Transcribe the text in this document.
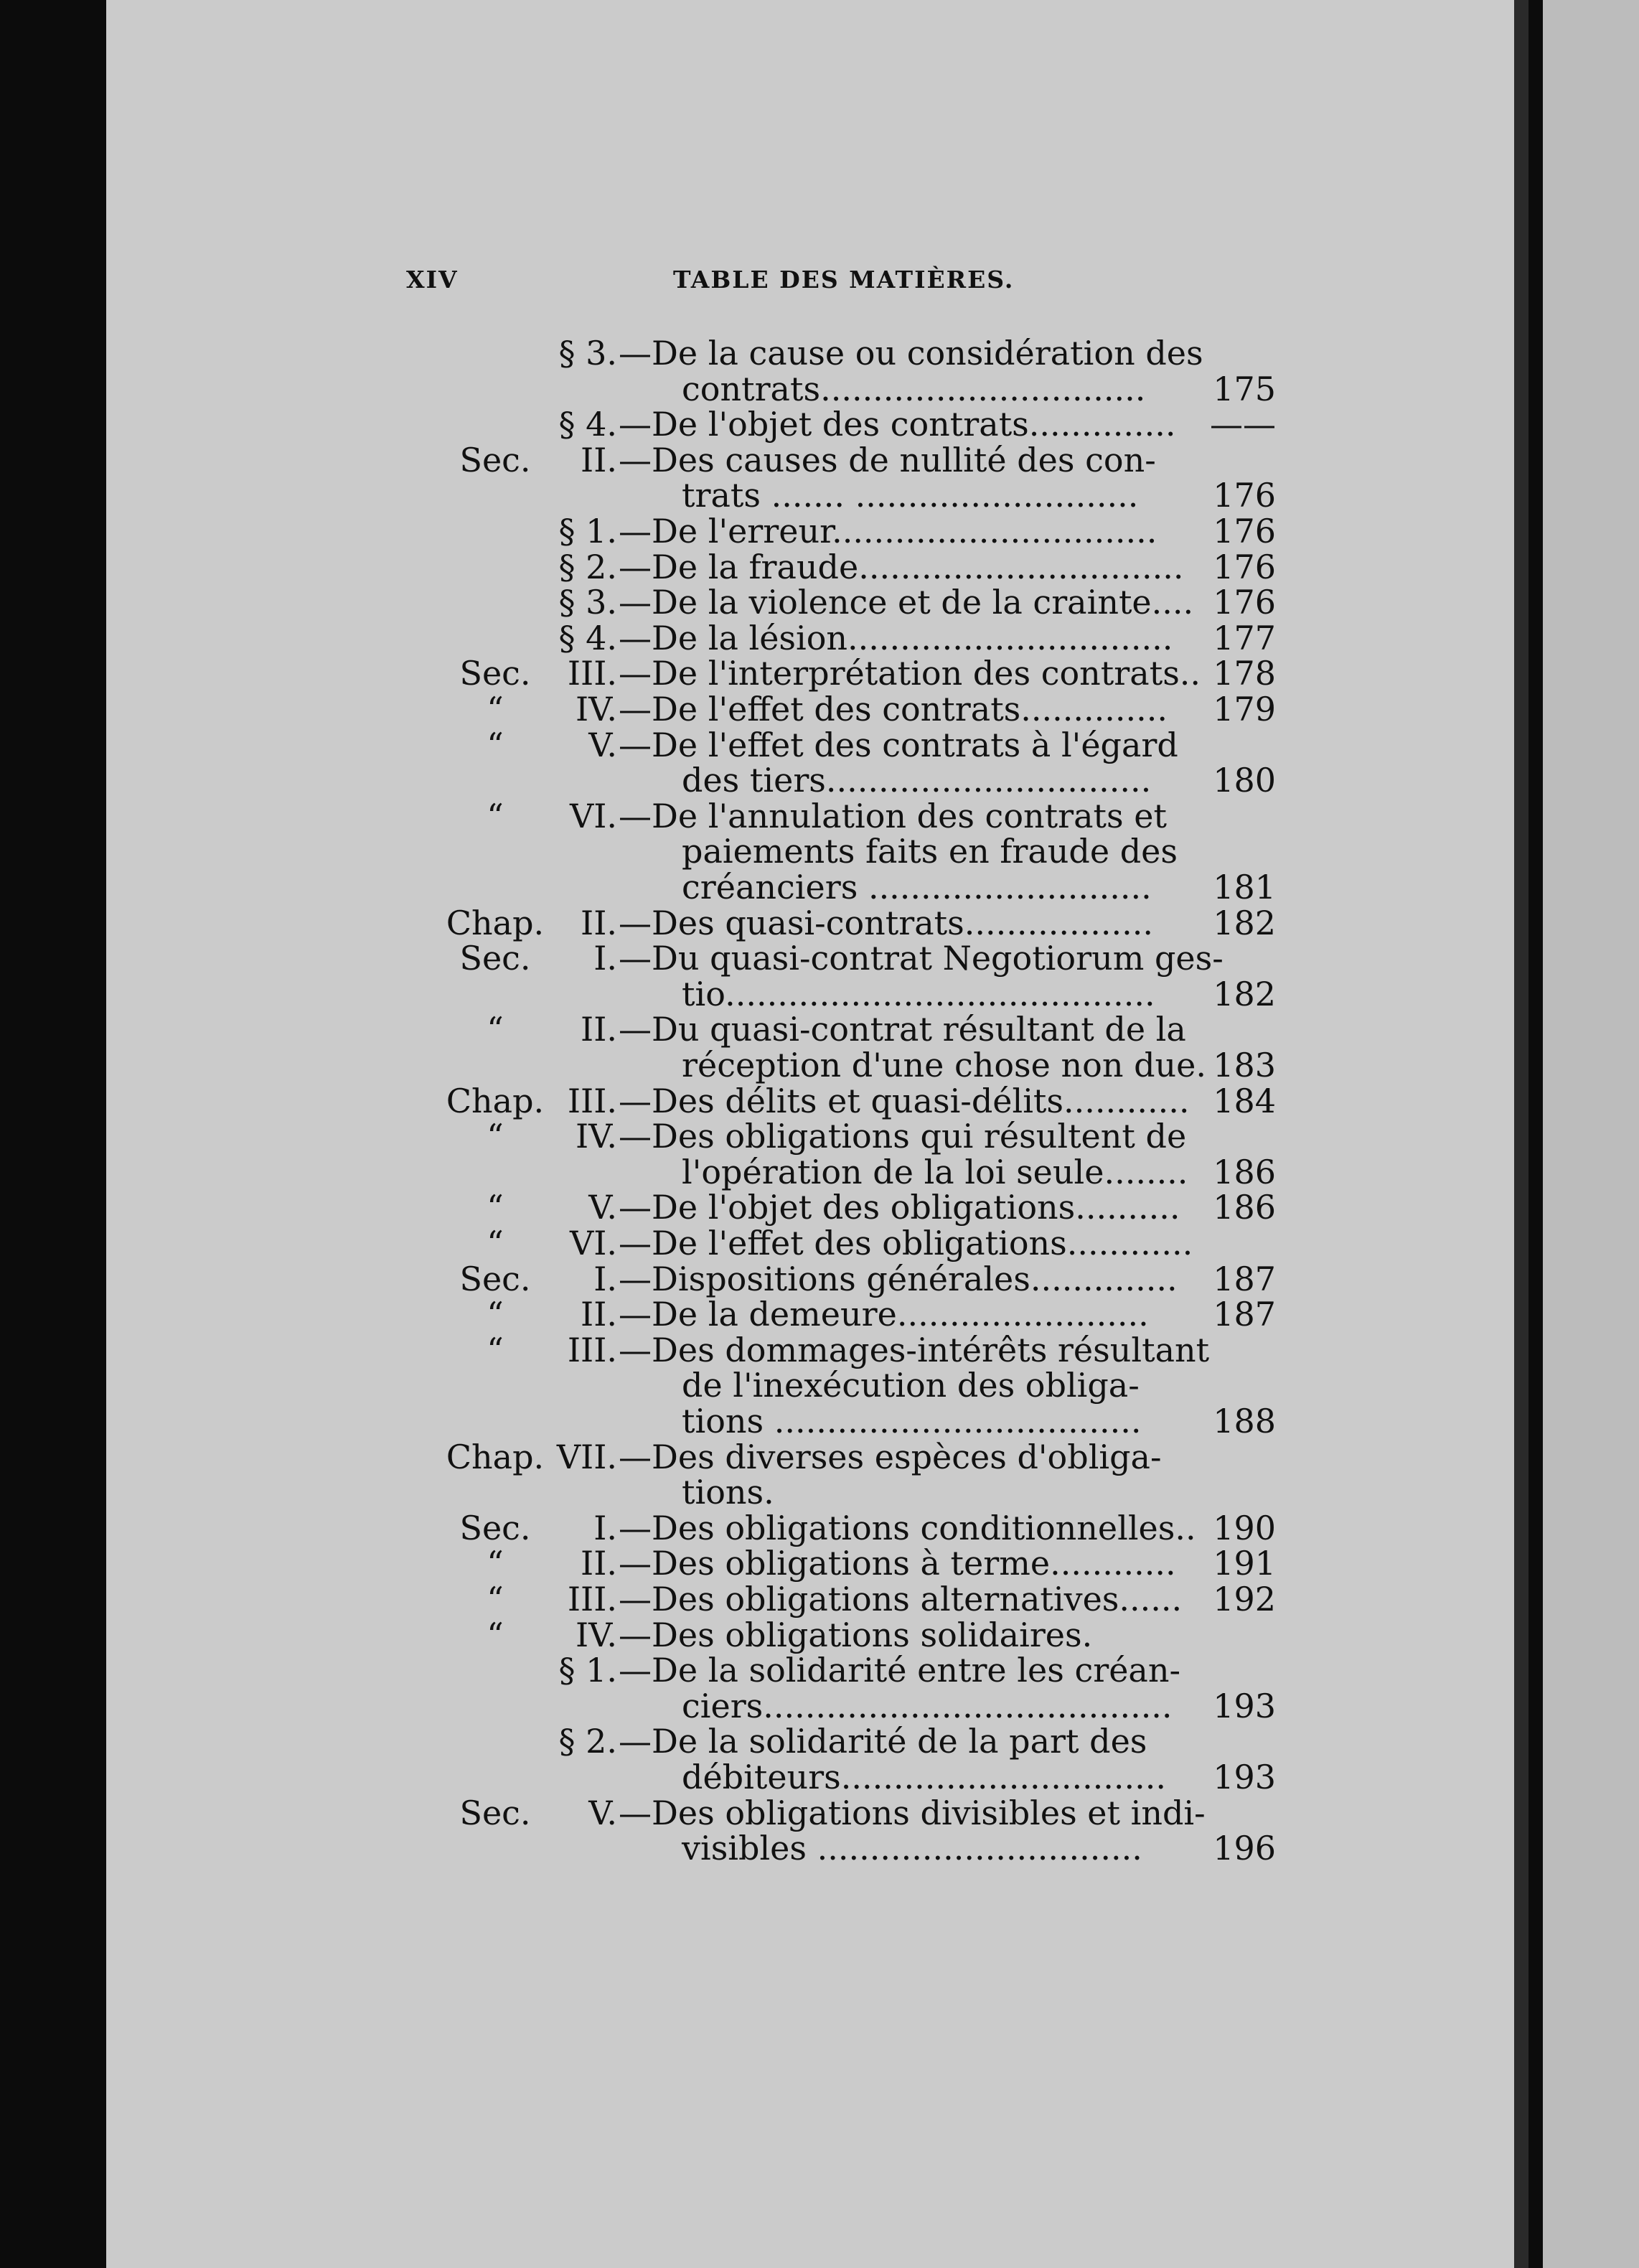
XIV	TABLE DES MATIÈRES.
§ 3. —De la cause ou considération des
contrats...............................	175
§ 4. —De l'objet des contrats..............	——
Sec.	II. —Des causes de nullité des con-
trats ....... ...........................	176
§ 1. —De l'erreur...............................	176
§ 2. —De la fraude............................... 176
§ 3. —De la violence et de la crainte.... 176
§ 4. —De la lésion...............................	177
Sec.	III. —De l'interprétation des contrats.. 178
“	IV. —De l'effet des contrats..............	179
“	V. —De l'effet des contrats à l'égard
des tiers...............................	180
“	VI. —De l'annulation des contrats et
paiements faits en fraude des
créanciers ...........................	181
Chap.	II. —Des quasi-contrats..................	182
Sec.	I. —Du quasi-contrat Negotiorum ges-
tio.........................................	182
“	II. —Du quasi-contrat résultant de la
réception d'une chose non due. 183
Chap. III. —Des délits et quasi-délits............ 184
“	IV. —Des obligations qui résultent de
l'opération de la loi seule........ 186
“	V. —De l'objet des obligations.......... 186
“	VI. —De l'effet des obligations............
Sec.	I. —Dispositions générales..............	187
“	II. —De la demeure........................	187
“	III. —Des dommages-intérêts résultant
de l'inexécution des obliga-
tions ...................................	188
Chap. VII. —Des diverses espèces d'obliga-
tions.
Sec.	I. —Des obligations conditionnelles.. 190
“	II. —Des obligations à terme............	191
“	III. —Des obligations alternatives...... 192
“	IV. —Des obligations solidaires.
§ 1. —De la solidarité entre les créan-
ciers.......................................	193
§ 2. —De la solidarité de la part des
débiteurs...............................	193
Sec.	V. —Des obligations divisibles et indi-
visibles ...............................	196
